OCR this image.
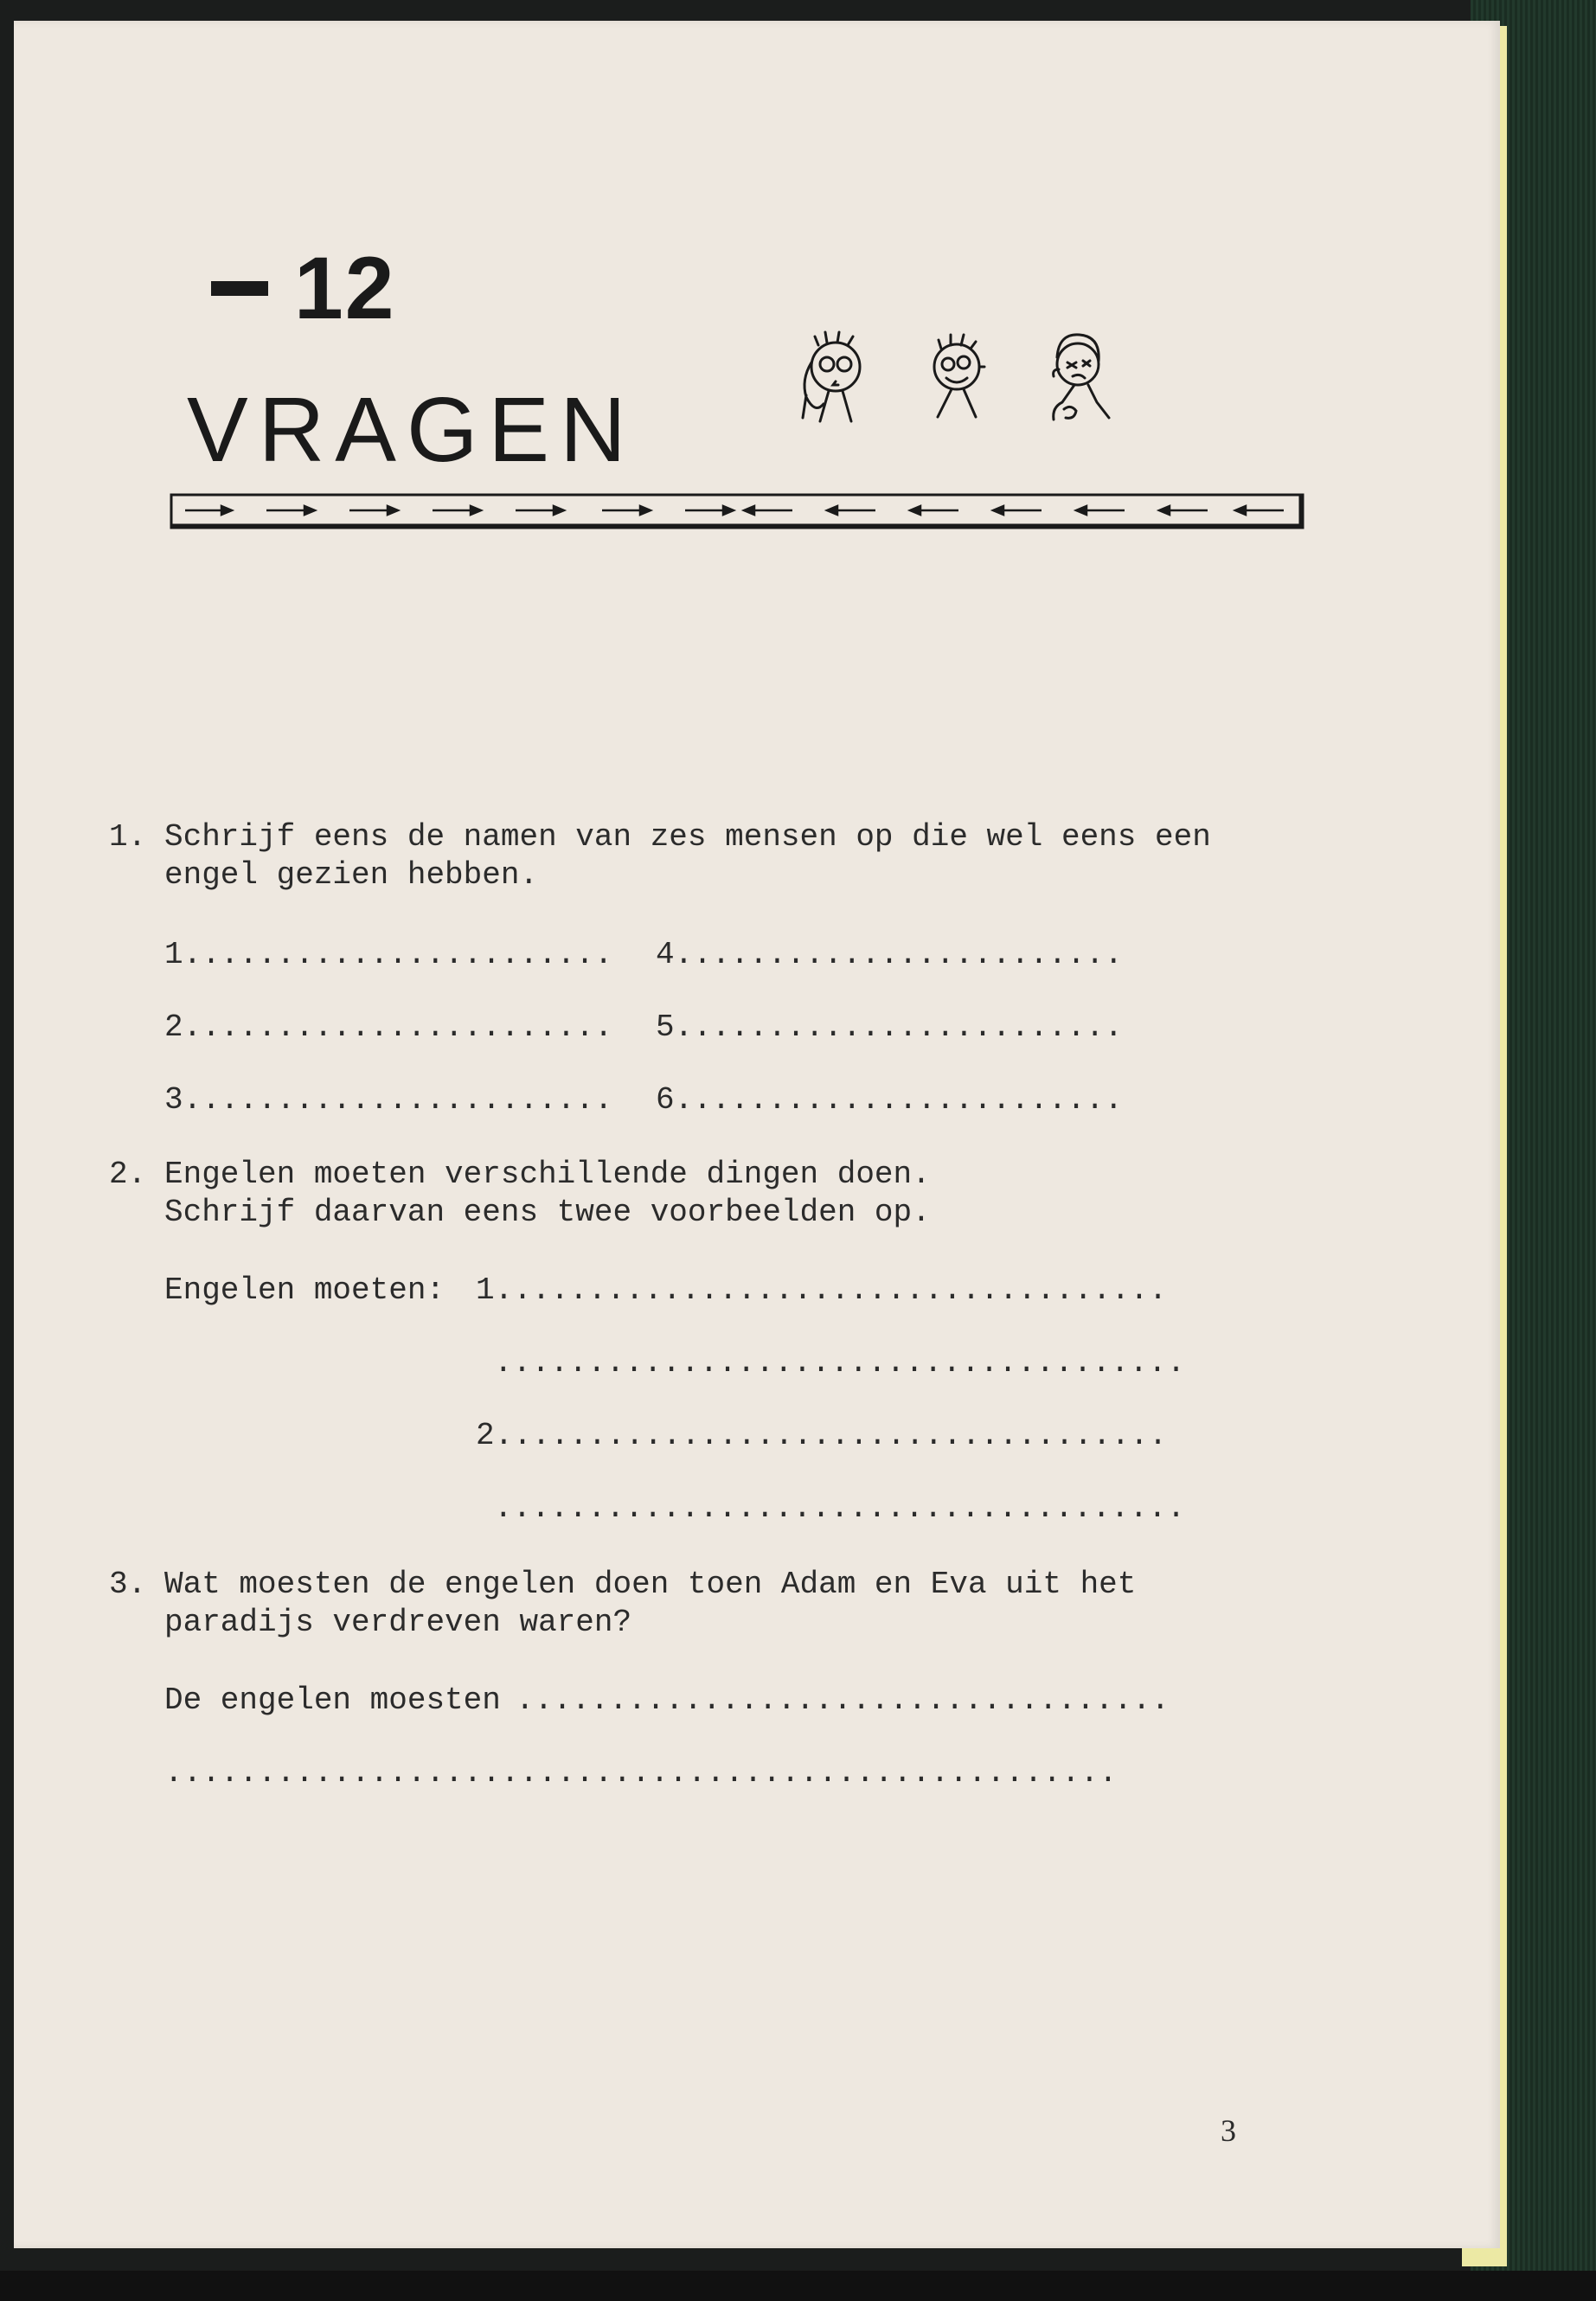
12
VRAGEN
1. Schrijf eens de namen van zes mensen op die wel eens een
engel gezien hebben.
1....................... 4........................
2....................... 5........................
3....................... 6........................
2. Engelen moeten verschillende dingen doen.
Schrijf daarvan eens twee voorbeelden op.
Engelen moeten: 1....................................
.....................................
2....................................
.....................................
3. Wat moesten de engelen doen toen Adam en Eva uit het
paradijs verdreven waren?
De engelen moesten ...................................
...................................................
3
